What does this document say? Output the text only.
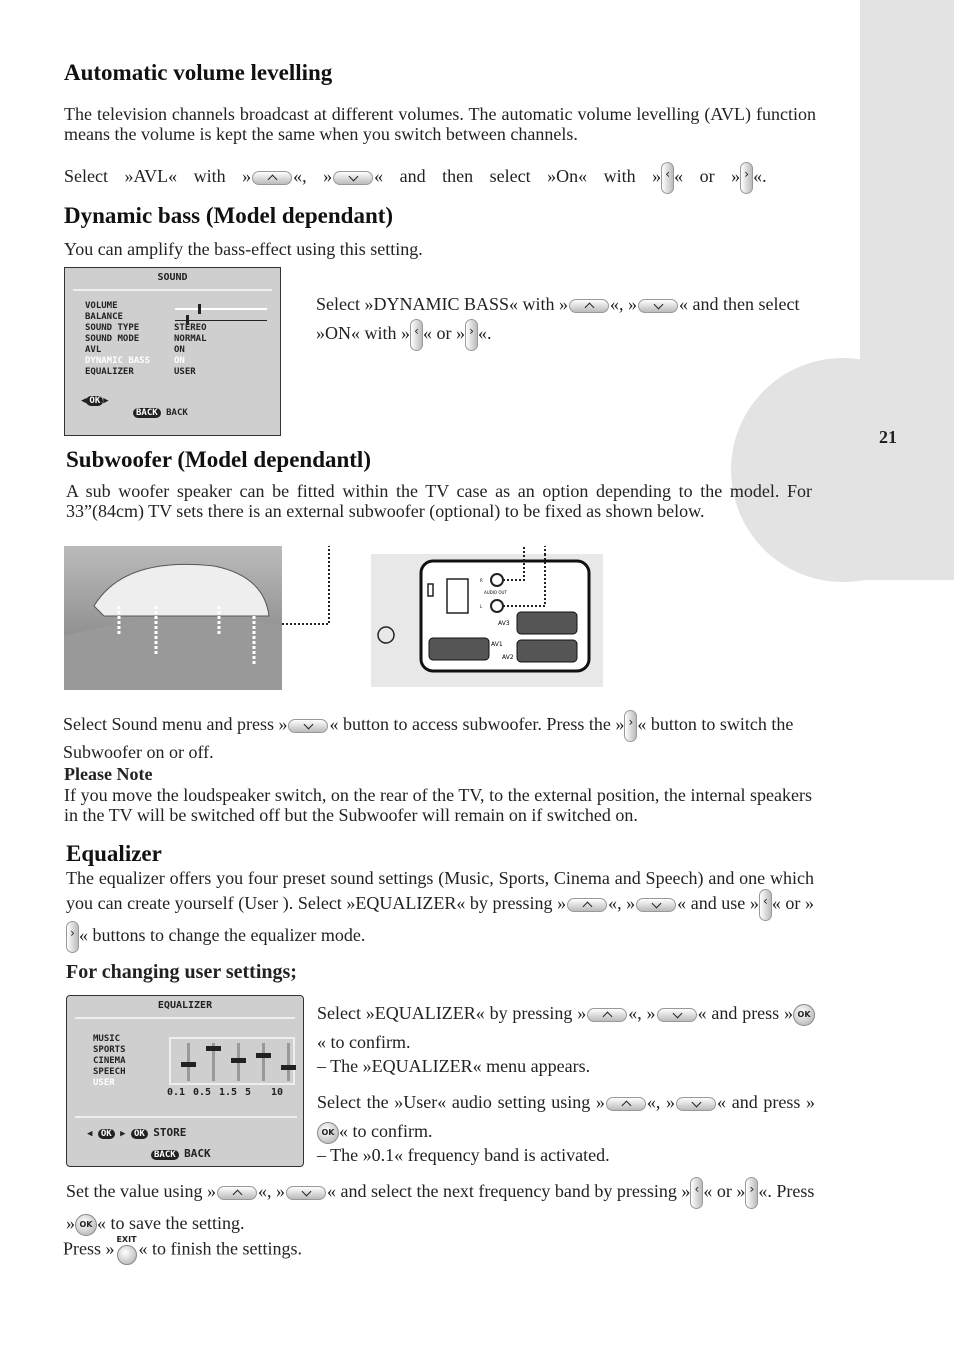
21
Automatic volume levelling
The television channels broadcast at different volumes. The automatic volume levelling (AVL) function means the volume is kept the same when you switch between channels.
Select »AVL« with » «, » « and then select »On« with » ‹ « or » › «.
Dynamic bass (Model dependant)
You can amplify the bass-effect using this setting.
SOUND
VOLUME
BALANCE
SOUND TYPE
SOUND MODE
AVL
DYNAMIC BASS
EQUALIZER
STEREO
NORMAL
ON
ON
USER
◀ OK ▶
BACK BACK
Select »DYNAMIC BASS« with » «, » « and then select »ON« with » ‹ « or » › «.
Subwoofer (Model dependantl)
A sub woofer speaker can be fitted within the TV case as an option depending to the model. For 33”(84cm) TV sets there is an external subwoofer (optional) to be fixed as shown below.
AUDIO OUT
R
L
AV3
AV1
AV2
Select Sound menu and press » « button to access subwoofer. Press the » › « button to switch the Subwoofer on or off.
Please Note
If you move the loudspeaker switch, on the rear of the TV, to the external position, the internal speakers in the TV will be switched off but the Subwoofer will remain on if switched on.
Equalizer
The equalizer offers you four preset sound settings (Music, Sports, Cinema and Speech) and one which you can create yourself (User ). Select »EQUALIZER« by pressing » «, » « and use » ‹ « or »› « buttons to change the equalizer mode.
For changing user settings;
EQUALIZER
MUSIC
SPORTS
CINEMA
SPEECH
USER
0.1 0.5 1.5 5 10
◀ OK ▶ OK STORE
BACK BACK
Select »EQUALIZER« by pressing » «, » « and press » OK« to confirm.
– The »EQUALIZER« menu appears.
Select the »User« audio setting using » «, » « and press »OK « to confirm.
– The »0.1« frequency band is activated.
Set the value using » «, » « and select the next frequency band by pressing » ‹ « or » › «. Press » OK « to save the setting.
Press » EXIT « to finish the settings.
